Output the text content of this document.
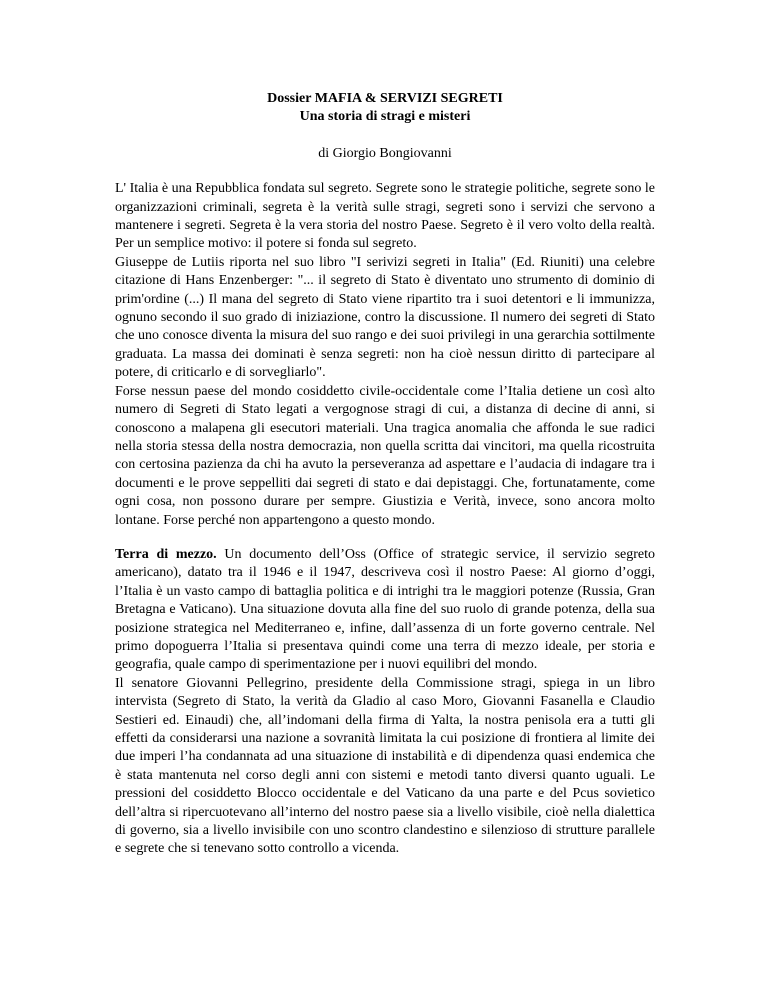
Dossier MAFIA & SERVIZI SEGRETI
Una storia di stragi e misteri

di Giorgio Bongiovanni

L' Italia è una Repubblica fondata sul segreto. Segrete sono le strategie politiche, segrete sono le organizzazioni criminali, segreta è la verità sulle stragi, segreti sono i servizi che servono a mantenere i segreti. Segreta è la vera storia del nostro Paese. Segreto è il vero volto della realtà. Per un semplice motivo: il potere si fonda sul segreto.

Giuseppe de Lutiis riporta nel suo libro "I serivizi segreti in Italia" (Ed. Riuniti) una celebre citazione di Hans Enzenberger: "... il segreto di Stato è diventato uno strumento di dominio di prim'ordine (...) Il mana del segreto di Stato viene ripartito tra i suoi detentori e li immunizza, ognuno secondo il suo grado di iniziazione, contro la discussione. Il numero dei segreti di Stato che uno conosce diventa la misura del suo rango e dei suoi privilegi in una gerarchia sottilmente graduata. La massa dei dominati è senza segreti: non ha cioè nessun diritto di partecipare al potere, di criticarlo e di sorvegliarlo".

Forse nessun paese del mondo cosiddetto civile-occidentale come l’Italia detiene un così alto numero di Segreti di Stato legati a vergognose stragi di cui, a distanza di decine di anni, si conoscono a malapena gli esecutori materiali. Una tragica anomalia che affonda le sue radici nella storia stessa della nostra democrazia, non quella scritta dai vincitori, ma quella ricostruita con certosina pazienza da chi ha avuto la perseveranza ad aspettare e l’audacia di indagare tra i documenti e le prove seppelliti dai segreti di stato e dai depistaggi. Che, fortunatamente, come ogni cosa, non possono durare per sempre. Giustizia e Verità, invece, sono ancora molto lontane. Forse perché non appartengono a questo mondo.

Terra di mezzo. Un documento dell’Oss (Office of strategic service, il servizio segreto americano), datato tra il 1946 e il 1947, descriveva così il nostro Paese: Al giorno d’oggi, l’Italia è un vasto campo di battaglia politica e di intrighi tra le maggiori potenze (Russia, Gran Bretagna e Vaticano). Una situazione dovuta alla fine del suo ruolo di grande potenza, della sua posizione strategica nel Mediterraneo e, infine, dall’assenza di un forte governo centrale. Nel primo dopoguerra l’Italia si presentava quindi come una terra di mezzo ideale, per storia e geografia, quale campo di sperimentazione per i nuovi equilibri del mondo.

Il senatore Giovanni Pellegrino, presidente della Commissione stragi, spiega in un libro intervista (Segreto di Stato, la verità da Gladio al caso Moro, Giovanni Fasanella e Claudio Sestieri ed. Einaudi) che, all’indomani della firma di Yalta, la nostra penisola era a tutti gli effetti da considerarsi una nazione a sovranità limitata la cui posizione di frontiera al limite dei due imperi l’ha condannata ad una situazione di instabilità e di dipendenza quasi endemica che è stata mantenuta nel corso degli anni con sistemi e metodi tanto diversi quanto uguali. Le pressioni del cosiddetto Blocco occidentale e del Vaticano da una parte e del Pcus sovietico dell’altra si ripercuotevano all’interno del nostro paese sia a livello visibile, cioè nella dialettica di governo, sia a livello invisibile con uno scontro clandestino e silenzioso di strutture parallele e segrete che si tenevano sotto controllo a vicenda.
